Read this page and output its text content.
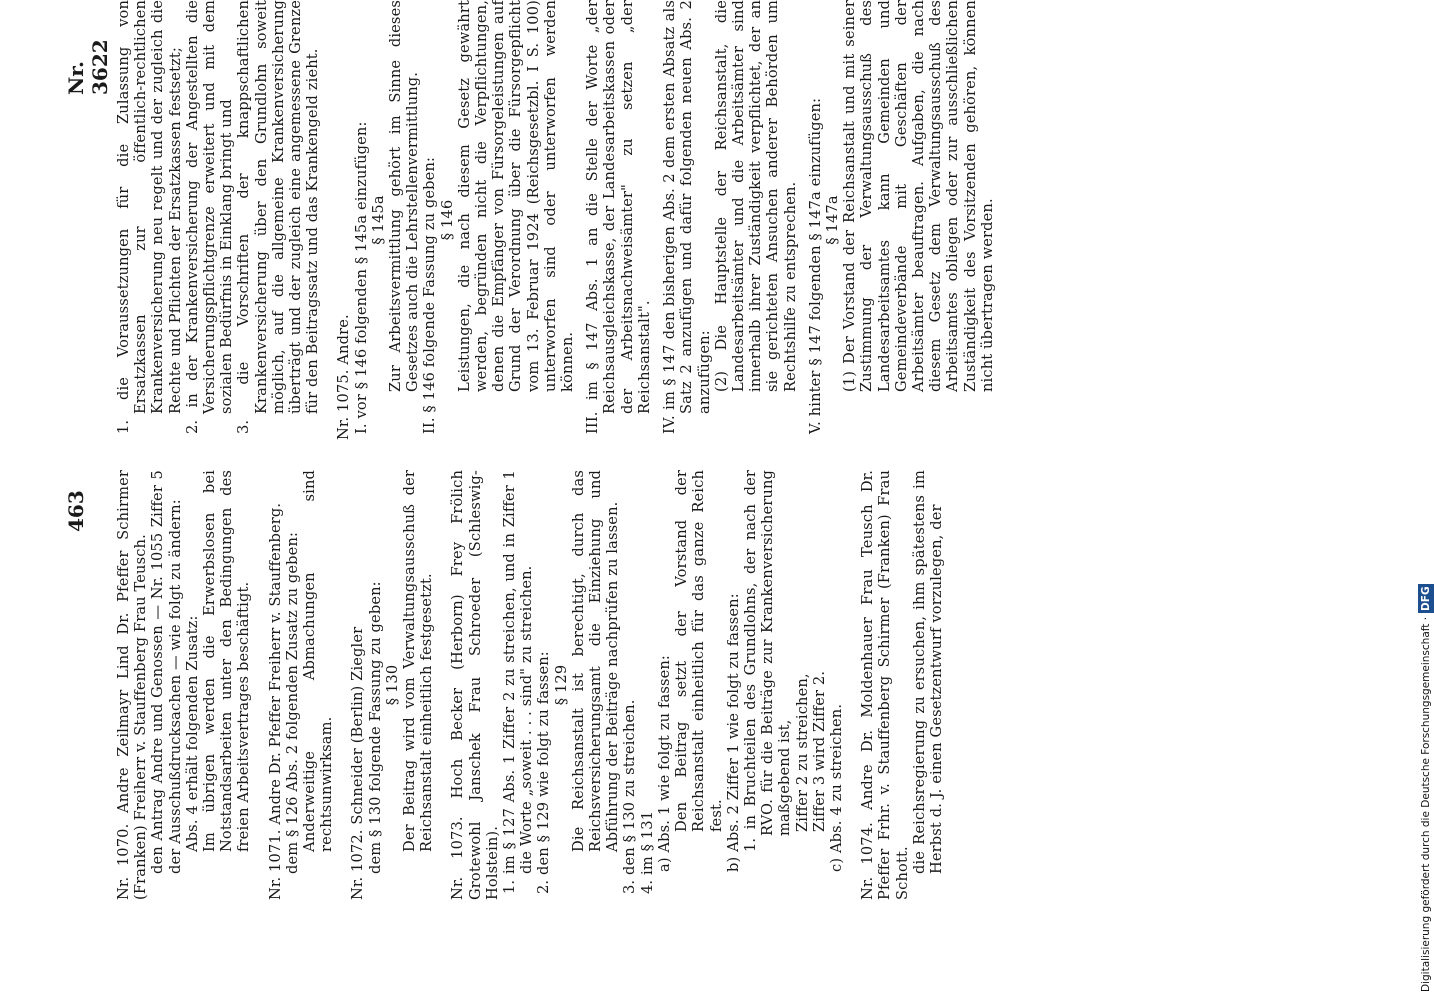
463
Nr. 3622

Nr. 1070. Andre Zeilmayr Lind Dr. Pfeffer Schirmer (Franken) Freiherr v. Stauffenberg Frau Teusch. den Antrag Andre und Genossen — Nr. 1055 Ziffer 5 der Ausschußdrucksachen — wie folgt zu ändern: Abs. 4 erhält folgenden Zusatz: Im übrigen werden die Erwerbslosen bei Notstandsarbeiten unter den Bedingungen des freien Arbeitsvertrages beschäftigt. Nr. 1071. Andre Dr. Pfeffer Freiherr v. Stauffenberg. dem § 126 Abs. 2 folgenden Zusatz zu geben: Anderweitige Abmachungen sind rechtsunwirksam. Nr. 1072. Schneider (Berlin) Ziegler dem § 130 folgende Fassung zu geben: § 130 Der Beitrag wird vom Verwaltungsausschuß der Reichsanstalt einheitlich festgesetzt. Nr. 1073. Hoch Becker (Herborn) Frey Frölich Grotewohl Janschek Frau Schroeder (Schleswig-Holstein). 1. im § 127 Abs. 1 Ziffer 2 zu streichen, und in Ziffer 1 die Worte „soweit . . . sind" zu streichen. 2. den § 129 wie folgt zu fassen: § 129 Die Reichsanstalt ist berechtigt, durch das Reichsversicherungsamt die Einziehung und Abführung der Beiträge nachprüfen zu lassen. 3. den § 130 zu streichen. 4. im § 131 a) Abs. 1 wie folgt zu fassen: Den Beitrag setzt der Vorstand der Reichsanstalt einheitlich für das ganze Reich fest. b) Abs. 2 Ziffer 1 wie folgt zu fassen: 1. in Bruchteilen des Grundlohns, der nach der RVO. für die Beiträge zur Krankenversicherung maßgebend ist, Ziffer 2 zu streichen, Ziffer 3 wird Ziffer 2. c) Abs. 4 zu streichen. Nr. 1074. Andre Dr. Moldenhauer Frau Teusch Dr. Pfeffer Frhr. v. Stauffenberg Schirmer (Franken) Frau Schott. die Reichsregierung zu ersuchen, ihm spätestens im Herbst d. J. einen Gesetzentwurf vorzulegen, der

1. die Voraussetzungen für die Zulassung von Ersatzkassen zur öffentlich-rechtlichen Krankenversicherung neu regelt und der zugleich die Rechte und Pflichten der Ersatzkassen festsetzt; 2. in der Krankenversicherung der Angestellten die Versicherungspflichtgrenze erweitert und mit dem sozialen Bedürfnis in Einklang bringt und 3. die Vorschriften der knappschaftlichen Krankenversicherung über den Grundlohn soweit möglich, auf die allgemeine Krankenversicherung überträgt und der zugleich eine angemessene Grenze für den Beitragssatz und das Krankengeld zieht. Nr. 1075. Andre. I. vor § 146 folgenden § 145a einzufügen: § 145a Zur Arbeitsvermittlung gehört im Sinne dieses Gesetzes auch die Lehrstellenvermittlung. II. § 146 folgende Fassung zu geben: § 146 Leistungen, die nach diesem Gesetz gewährt werden, begründen nicht die Verpflichtungen, denen die Empfänger von Fürsorgeleistungen auf Grund der Verordnung über die Fürsorgepflicht vom 13. Februar 1924 (Reichsgesetzbl. I S. 100) unterworfen sind oder unterworfen werden können. III. im § 147 Abs. 1 an die Stelle der Worte „der Reichsausgleichskasse, der Landesarbeitskassen oder der Arbeitsnachweisämter" zu setzen „der Reichsanstalt". IV. im § 147 den bisherigen Abs. 2 dem ersten Absatz als Satz 2 anzufügen und dafür folgenden neuen Abs. 2 anzufügen: (2) Die Hauptstelle der Reichsanstalt, die Landesarbeitsämter und die Arbeitsämter sind innerhalb ihrer Zuständigkeit verpflichtet, der an sie gerichteten Ansuchen anderer Behörden um Rechtshilfe zu entsprechen. V. hinter § 147 folgenden § 147a einzufügen: § 147a (1) Der Vorstand der Reichsanstalt und mit seiner Zustimmung der Verwaltungsausschuß des Landesarbeitsamtes kann Gemeinden und Gemeindeverbände mit Geschäften der Arbeitsämter beauftragen. Aufgaben, die nach diesem Gesetz dem Verwaltungsausschuß des Arbeitsamtes obliegen oder zur ausschließlichen Zuständigkeit des Vorsitzenden gehören, können nicht übertragen werden.

Digitalisierung gefördert durch die Deutsche Forschungsgemeinschaft ·DFG
